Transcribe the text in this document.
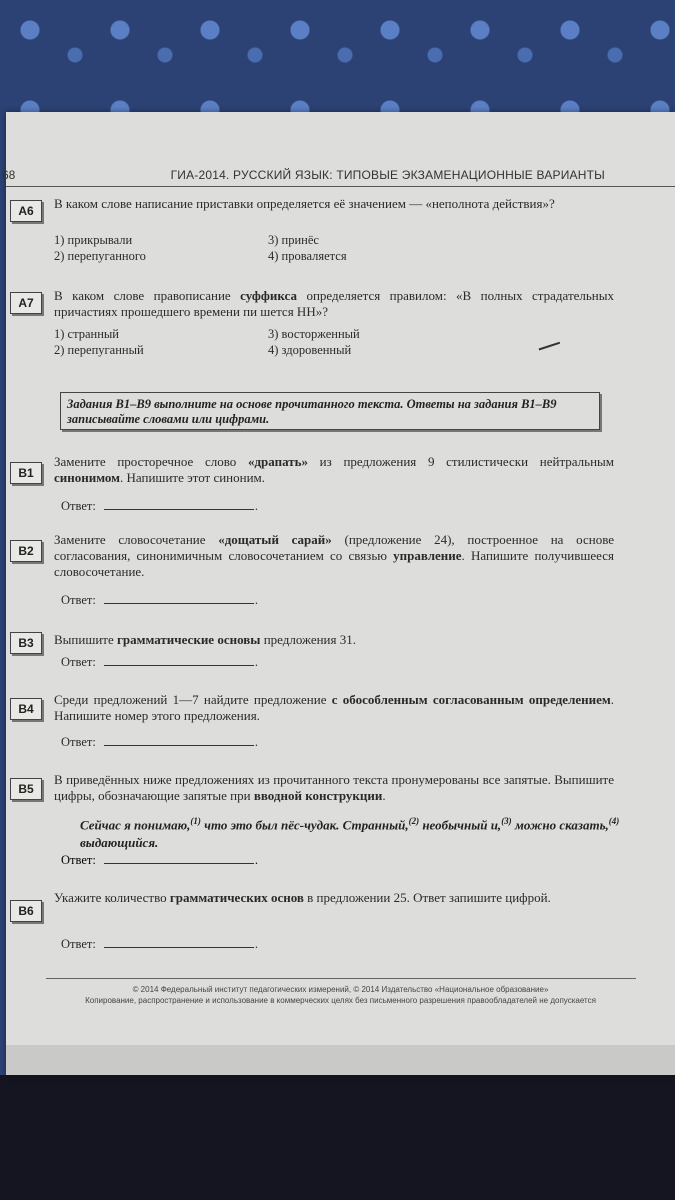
68	ГИА-2014. РУССКИЙ ЯЗЫК: ТИПОВЫЕ ЭКЗАМЕНАЦИОННЫЕ ВАРИАНТЫ
А6	В каком слове написание приставки определяется её значением — «неполнота действия»?
1) прикрывали
2) перепуганного
3) принёс
4) проваляется
А7	В каком слове правописание суффикса определяется правилом: «В полных страдательных причастиях прошедшего времени пи шется НН»?
1) странный
2) перепуганный
3) восторженный
4) здоровенный
Задания В1–В9 выполните на основе прочитанного текста. Ответы на задания В1–В9 записывайте словами или цифрами.
В1
Замените просторечное слово «драпать» из предложения 9 стилистически нейтральным синонимом. Напишите этот синоним.
Ответ:	.
В2
Замените словосочетание «дощатый сарай» (предложение 24), построенное на основе согласования, синонимичным словосочетанием со связью управление. Напишите получившееся словосочетание.
Ответ:	.
В3	Выпишите грамматические основы предложения 31.
Ответ:	.
В4
Среди предложений 1—7 найдите предложение с обособленным согласованным определением. Напишите номер этого предложения.
Ответ:	.
В5
В приведённых ниже предложениях из прочитанного текста пронумерованы все запятые. Выпишите цифры, обозначающие запятые при вводной конструкции.
Сейчас я понимаю,$^{(1)}$ что это был пёс-чудак. Странный,$^{(2)}$ необычный и,$^{(3)}$ можно сказать,$^{(4)}$ выдающийся.
Ответ:	.
В6
Укажите количество грамматических основ в предложении 25. Ответ запишите цифрой.
Ответ:	.
© 2014 Федеральный институт педагогических измерений, © 2014 Издательство «Национальное образование»
Копирование, распространение и использование в коммерческих целях без письменного разрешения правообладателей не допускается
